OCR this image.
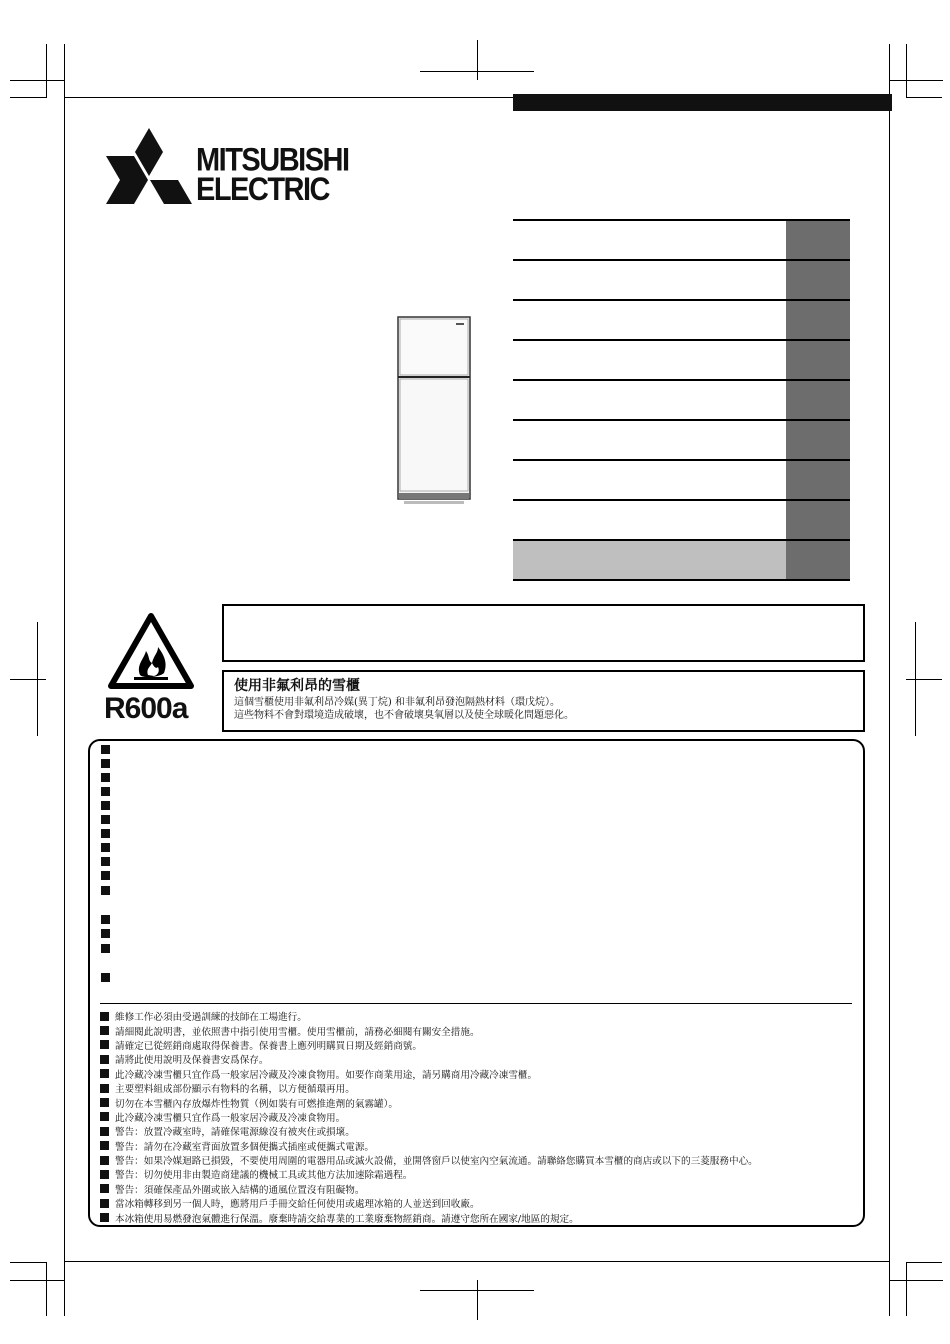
MITSUBISHI
ELECTRIC
R600a
使用非氟利昂的雪櫃
這個雪櫃使用非氟利昂冷媒(異丁烷) 和非氟利昂發泡隔熱材料（環戊烷）。
這些物料不會對環境造成破壞，也不會破壞臭氧層以及使全球暖化問題惡化。
維修工作必須由受過訓練的技師在工場進行。
請細閱此說明書，並依照書中指引使用雪櫃。使用雪櫃前，請務必細閱有關安全措施。
請確定已從經銷商處取得保養書。保養書上應列明購買日期及經銷商號。
請將此使用說明及保養書安爲保存。
此冷藏冷凍雪櫃只宜作爲一般家居冷藏及冷凍食物用。如要作商業用途，請另購商用冷藏冷凍雪櫃。
主要塑料組成部份顯示有物料的名稱，以方便循環再用。
切勿在本雪櫃內存放爆炸性物質（例如裝有可燃推進劑的氣霧罐）。
此冷藏冷凍雪櫃只宜作爲一般家居冷藏及冷凍食物用。
警告：放置冷藏室時，請確保電源線沒有被夾住或損壞。
警告：請勿在冷藏室背面放置多個便攜式插座或便攜式電源。
警告：如果冷媒迴路已損毀，不要使用周圍的電器用品或滅火設備，並開啓窗戶以使室內空氣流通。請聯絡您購買本雪櫃的商店或以下的三菱服務中心。
警告：切勿使用非由製造商建議的機械工具或其他方法加速除霜過程。
警告：須確保產品外圍或嵌入結構的通風位置沒有阻礙物。
當冰箱轉移到另一個人時，應將用戶手冊交給任何使用或處理冰箱的人並送到回收廠。
本冰箱使用易燃發泡氣體進行保溫。廢棄時請交給專業的工業廢棄物經銷商。請遵守您所在國家/地區的規定。
